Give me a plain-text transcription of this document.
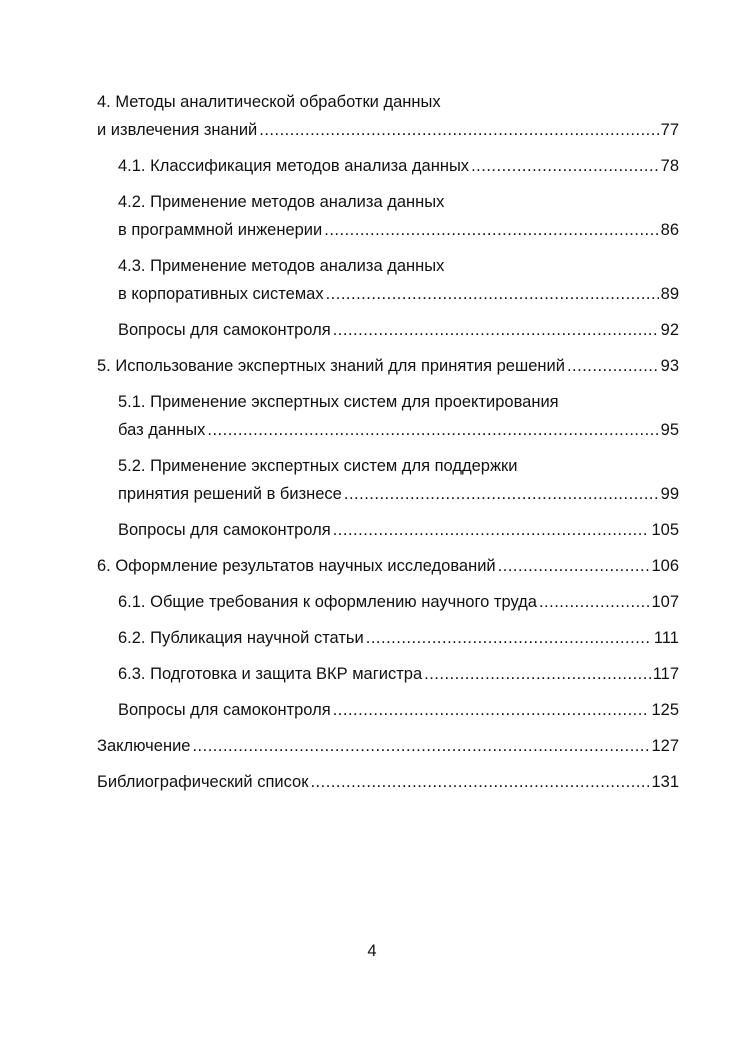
4. Методы аналитической обработки данных
и извлечения знаний .....	77
4.1. Классификация методов анализа данных .....	78
4.2. Применение методов анализа данных
в программной инженерии .....	86
4.3. Применение методов анализа данных
в корпоративных системах .....	89
Вопросы для самоконтроля .....	92
5. Использование экспертных знаний для принятия решений .....	93
5.1. Применение экспертных систем для проектирования
баз данных .....	95
5.2. Применение экспертных систем для поддержки
принятия решений в бизнесе .....	99
Вопросы для самоконтроля .....	105
6. Оформление результатов научных исследований .....	106
6.1. Общие требования к оформлению научного труда .....	107
6.2. Публикация научной статьи .....	111
6.3. Подготовка и защита ВКР магистра .....	117
Вопросы для самоконтроля .....	125
Заключение .....	127
Библиографический список .....	131
4
